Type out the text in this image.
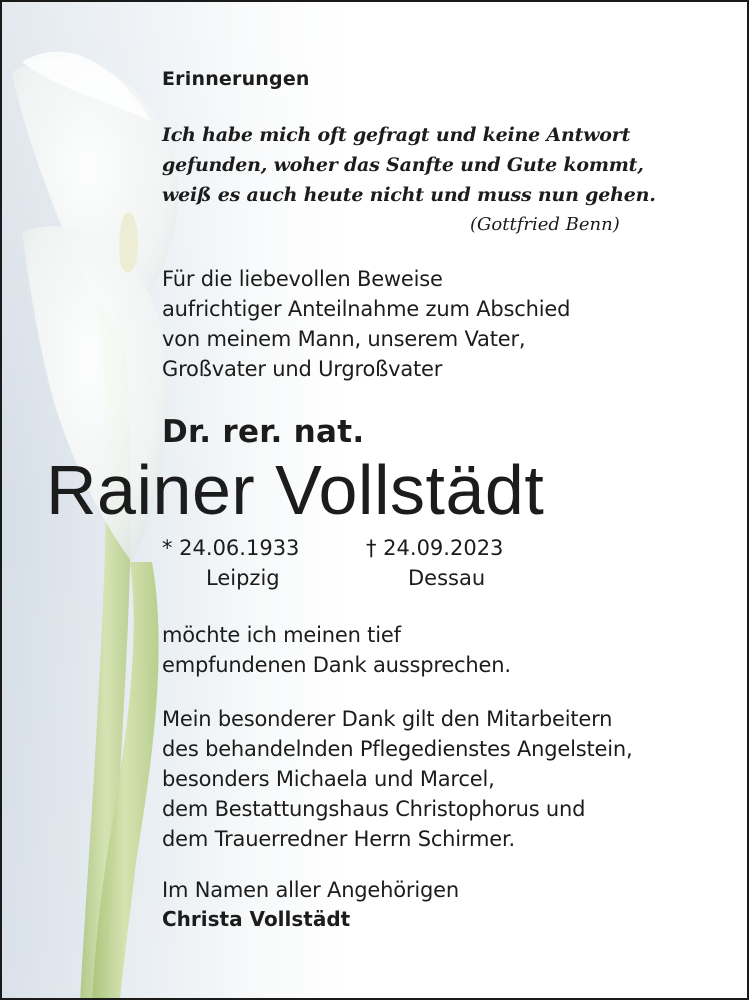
Erinnerungen
Ich habe mich oft gefragt und keine Antwort
gefunden, woher das Sanfte und Gute kommt,
weiß es auch heute nicht und muss nun gehen.
(Gottfried Benn)
Für die liebevollen Beweise
aufrichtiger Anteilnahme zum Abschied
von meinem Mann, unserem Vater,
Großvater und Urgroßvater
Dr. rer. nat.
Rainer Vollstädt
* 24.06.1933	† 24.09.2023
Leipzig	Dessau
möchte ich meinen tief
empfundenen Dank aussprechen.
Mein besonderer Dank gilt den Mitarbeitern
des behandelnden Pflegedienstes Angelstein,
besonders Michaela und Marcel,
dem Bestattungshaus Christophorus und
dem Trauerredner Herrn Schirmer.
Im Namen aller Angehörigen
Christa Vollstädt
